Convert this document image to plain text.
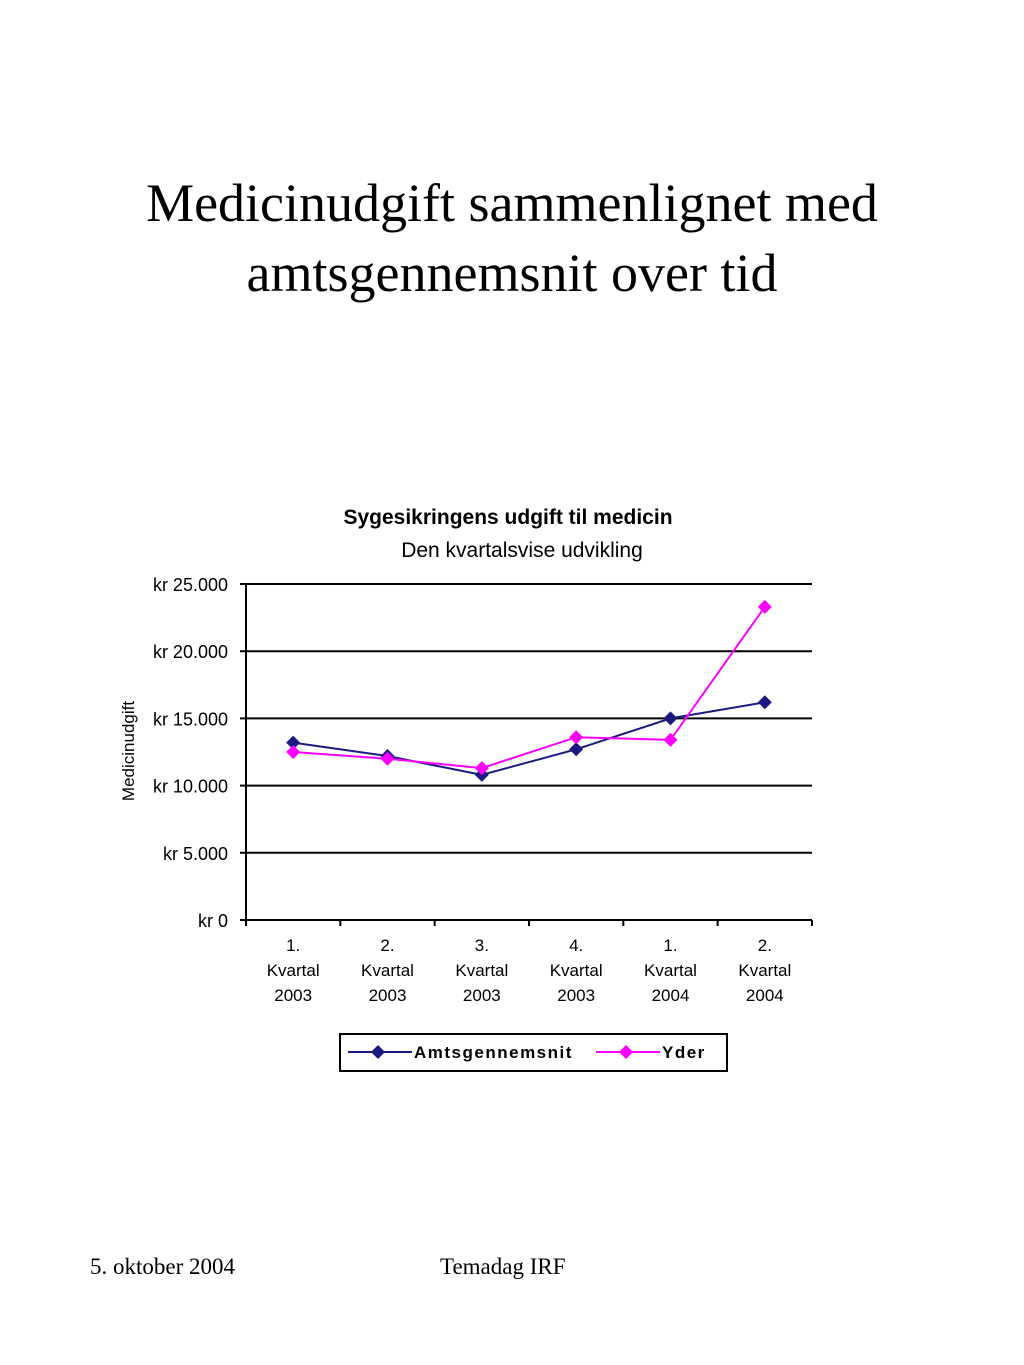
Medicinudgift sammenlignet med
amtsgennemsnit over tid
Sygesikringens udgift til medicin
Den kvartalsvise udvikling
Medicinudgift
kr 0
kr 5.000
kr 10.000
kr 15.000
kr 20.000
kr 25.000
1.
Kvartal
2003
2.
Kvartal
2003
3.
Kvartal
2003
4.
Kvartal
2003
1.
Kvartal
2004
2.
Kvartal
2004
Amtsgennemsnit	Yder
5. oktober 2004	Temadag IRF
